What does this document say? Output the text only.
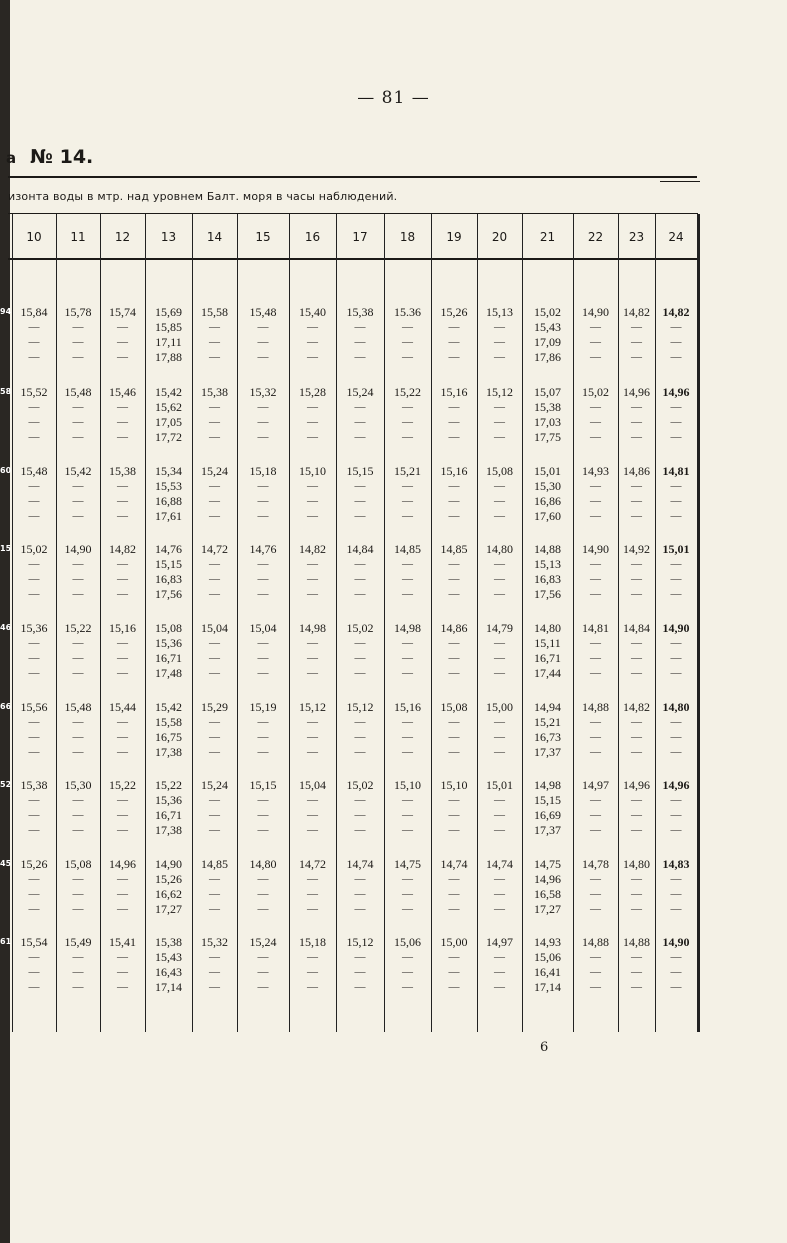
— 81 —
а № 14.
изонта воды в мтр. над уровнем Балт. моря в часы наблюдений.
10	11	12	13	14	15	16	17	18	19	20	21	22	23	24
15,84	15,78	15,74	15,69	15,58	15,48	15,40	15,38	15.36	15,26	15,13	15,02	14,90	14,82	14,82
—	—	—	15,85	—	—	—	—	—	—	—	15,43	—	—	—
—	—	—	17,11	—	—	—	—	—	—	—	17,09	—	—	—
—	—	—	17,88	—	—	—	—	—	—	—	17,86	—	—	—
94
15,52	15,48	15,46	15,42	15,38	15,32	15,28	15,24	15,22	15,16	15,12	15,07	15,02	14,96	14,96
—	—	—	15,62	—	—	—	—	—	—	—	15,38	—	—	—
—	—	—	17,05	—	—	—	—	—	—	—	17,03	—	—	—
—	—	—	17,72	—	—	—	—	—	—	—	17,75	—	—	—
58
15,48	15,42	15,38	15,34	15,24	15,18	15,10	15,15	15,21	15,16	15,08	15,01	14,93	14,86	14,81
—	—	—	15,53	—	—	—	—	—	—	—	15,30	—	—	—
—	—	—	16,88	—	—	—	—	—	—	—	16,86	—	—	—
—	—	—	17,61	—	—	—	—	—	—	—	17,60	—	—	—
60
15,02	14,90	14,82	14,76	14,72	14,76	14,82	14,84	14,85	14,85	14,80	14,88	14,90	14,92	15,01
—	—	—	15,15	—	—	—	—	—	—	—	15,13	—	—	—
—	—	—	16,83	—	—	—	—	—	—	—	16,83	—	—	—
—	—	—	17,56	—	—	—	—	—	—	—	17,56	—	—	—
15
15,36	15,22	15,16	15,08	15,04	15,04	14,98	15,02	14,98	14,86	14,79	14,80	14,81	14,84	14,90
—	—	—	15,36	—	—	—	—	—	—	—	15,11	—	—	—
—	—	—	16,71	—	—	—	—	—	—	—	16,71	—	—	—
—	—	—	17,48	—	—	—	—	—	—	—	17,44	—	—	—
46
15,56	15,48	15,44	15,42	15,29	15,19	15,12	15,12	15,16	15,08	15,00	14,94	14,88	14,82	14,80
—	—	—	15,58	—	—	—	—	—	—	—	15,21	—	—	—
—	—	—	16,75	—	—	—	—	—	—	—	16,73	—	—	—
—	—	—	17,38	—	—	—	—	—	—	—	17,37	—	—	—
66
15,38	15,30	15,22	15,22	15,24	15,15	15,04	15,02	15,10	15,10	15,01	14,98	14,97	14,96	14,96
—	—	—	15,36	—	—	—	—	—	—	—	15,15	—	—	—
—	—	—	16,71	—	—	—	—	—	—	—	16,69	—	—	—
—	—	—	17,38	—	—	—	—	—	—	—	17,37	—	—	—
52
15,26	15,08	14,96	14,90	14,85	14,80	14,72	14,74	14,75	14,74	14,74	14,75	14,78	14,80	14,83
—	—	—	15,26	—	—	—	—	—	—	—	14,96	—	—	—
—	—	—	16,62	—	—	—	—	—	—	—	16,58	—	—	—
—	—	—	17,27	—	—	—	—	—	—	—	17,27	—	—	—
45
15,54	15,49	15,41	15,38	15,32	15,24	15,18	15,12	15,06	15,00	14,97	14,93	14,88	14,88	14,90
—	—	—	15,43	—	—	—	—	—	—	—	15,06	—	—	—
—	—	—	16,43	—	—	—	—	—	—	—	16,41	—	—	—
—	—	—	17,14	—	—	—	—	—	—	—	17,14	—	—	—
61
6
